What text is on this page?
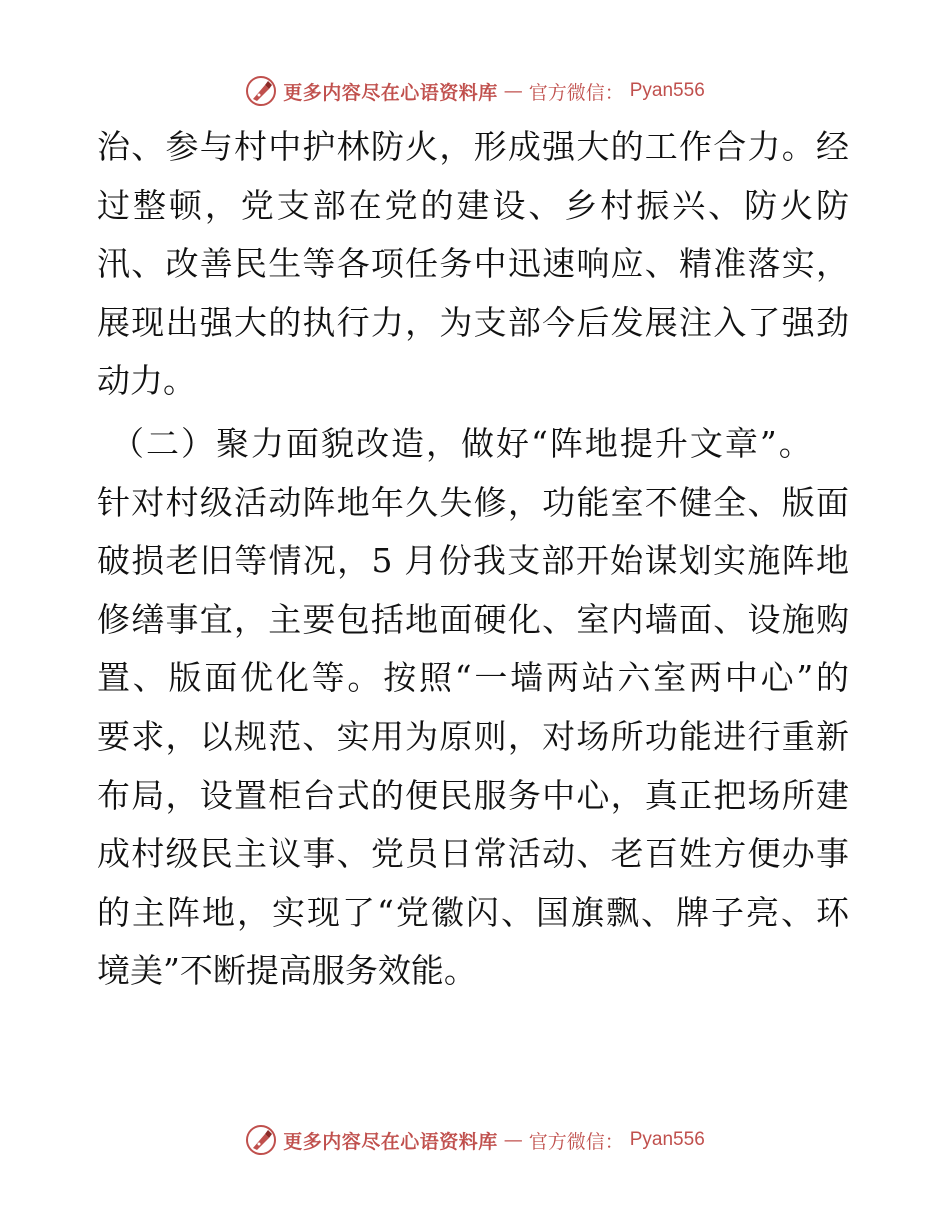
更多内容尽在心语资料库 — 官方微信： Pyan556
治、参与村中护林防火，形成强大的工作合力。经
过整顿，党支部在党的建设、乡村振兴、防火防
汛、改善民生等各项任务中迅速响应、精准落实，
展现出强大的执行力，为支部今后发展注入了强劲
动力。
（二）聚力面貌改造，做好“阵地提升文章”。
针对村级活动阵地年久失修，功能室不健全、版面
破损老旧等情况，5 月份我支部开始谋划实施阵地
修缮事宜，主要包括地面硬化、室内墙面、设施购
置、版面优化等。按照“一墙两站六室两中心”的
要求，以规范、实用为原则，对场所功能进行重新
布局，设置柜台式的便民服务中心，真正把场所建
成村级民主议事、党员日常活动、老百姓方便办事
的主阵地，实现了“党徽闪、国旗飘、牌子亮、环
境美”不断提高服务效能。
更多内容尽在心语资料库 — 官方微信： Pyan556
